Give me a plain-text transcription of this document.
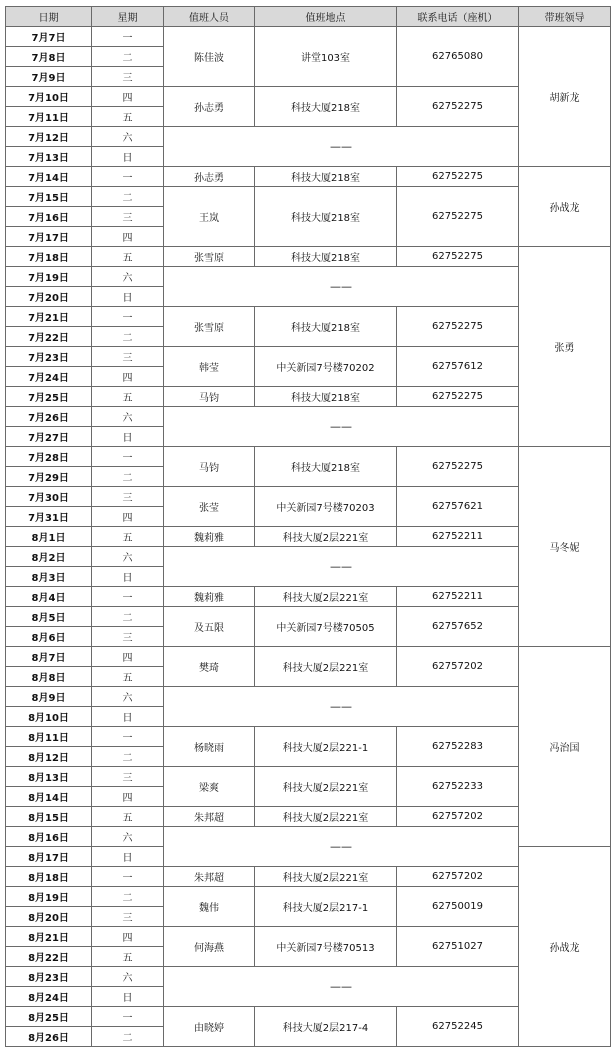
日期	星期	值班人员	值班地点	联系电话（座机）	带班领导
7月7日	一	陈佳波	讲堂103室	62765080	胡新龙
7月8日	二				
7月9日	三				
7月10日	四	孙志勇	科技大厦218室	62752275	
7月11日	五				
7月12日	六	——			
7月13日	日				
7月14日	一	孙志勇	科技大厦218室	62752275	孙战龙
7月15日	二	王岚	科技大厦218室	62752275	
7月16日	三				
7月17日	四				
7月18日	五	张雪原	科技大厦218室	62752275	张勇
7月19日	六	——			
7月20日	日				
7月21日	一	张雪原	科技大厦218室	62752275	
7月22日	二				
7月23日	三	韩莹	中关新园7号楼70202	62757612	
7月24日	四				
7月25日	五	马钧	科技大厦218室	62752275	
7月26日	六	——			
7月27日	日				
7月28日	一	马钧	科技大厦218室	62752275	马冬妮
7月29日	二				
7月30日	三	张莹	中关新园7号楼70203	62757621	
7月31日	四				
8月1日	五	魏莉雅	科技大厦2层221室	62752211	
8月2日	六	——			
8月3日	日				
8月4日	一	魏莉雅	科技大厦2层221室	62752211	
8月5日	二	及五限	中关新园7号楼70505	62757652	
8月6日	三				
8月7日	四	樊琦	科技大厦2层221室	62757202	冯治国
8月8日	五				
8月9日	六	——			
8月10日	日				
8月11日	一	杨晓雨	科技大厦2层221-1	62752283	
8月12日	二				
8月13日	三	梁爽	科技大厦2层221室	62752233	
8月14日	四				
8月15日	五	朱邦超	科技大厦2层221室	62757202	
8月16日	六	——			
8月17日	日				孙战龙
8月18日	一	朱邦超	科技大厦2层221室	62757202	
8月19日	二	魏伟	科技大厦2层217-1	62750019	
8月20日	三				
8月21日	四	何海燕	中关新园7号楼70513	62751027	
8月22日	五				
8月23日	六	——			
8月24日	日				
8月25日	一	由晓婷	科技大厦2层217-4	62752245	
8月26日	二				
